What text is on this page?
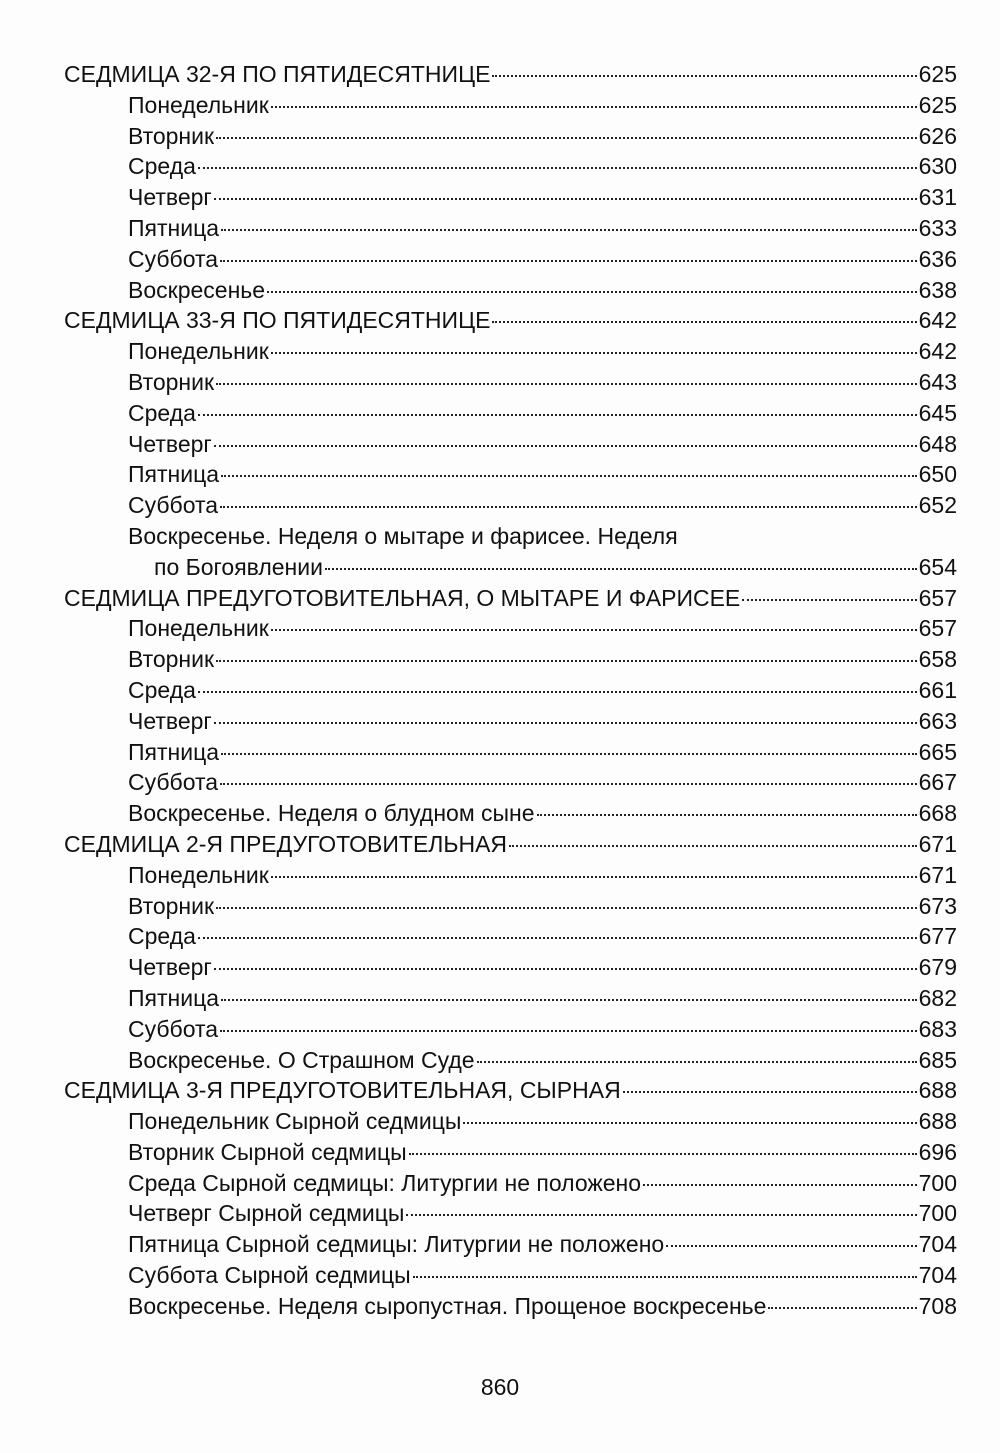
СЕДМИЦА 32-Я ПО ПЯТИДЕСЯТНИЦЕ	625
Понедельник	625
Вторник	626
Среда	630
Четверг	631
Пятница	633
Суббота	636
Воскресенье	638
СЕДМИЦА 33-Я ПО ПЯТИДЕСЯТНИЦЕ	642
Понедельник	642
Вторник	643
Среда	645
Четверг	648
Пятница	650
Суббота	652
Воскресенье. Неделя о мытаре и фарисее. Неделя
по Богоявлении	654
СЕДМИЦА ПРЕДУГОТОВИТЕЛЬНАЯ, О МЫТАРЕ И ФАРИСЕЕ	657
Понедельник	657
Вторник	658
Среда	661
Четверг	663
Пятница	665
Суббота	667
Воскресенье. Неделя о блудном сыне	668
СЕДМИЦА 2-Я ПРЕДУГОТОВИТЕЛЬНАЯ	671
Понедельник	671
Вторник	673
Среда	677
Четверг	679
Пятница	682
Суббота	683
Воскресенье. О Страшном Суде	685
СЕДМИЦА 3-Я ПРЕДУГОТОВИТЕЛЬНАЯ, СЫРНАЯ	688
Понедельник Сырной седмицы	688
Вторник Сырной седмицы	696
Среда Сырной седмицы: Литургии не положено	700
Четверг Сырной седмицы	700
Пятница Сырной седмицы: Литургии не положено	704
Суббота Сырной седмицы	704
Воскресенье. Неделя сыропустная. Прощеное воскресенье	708
860
